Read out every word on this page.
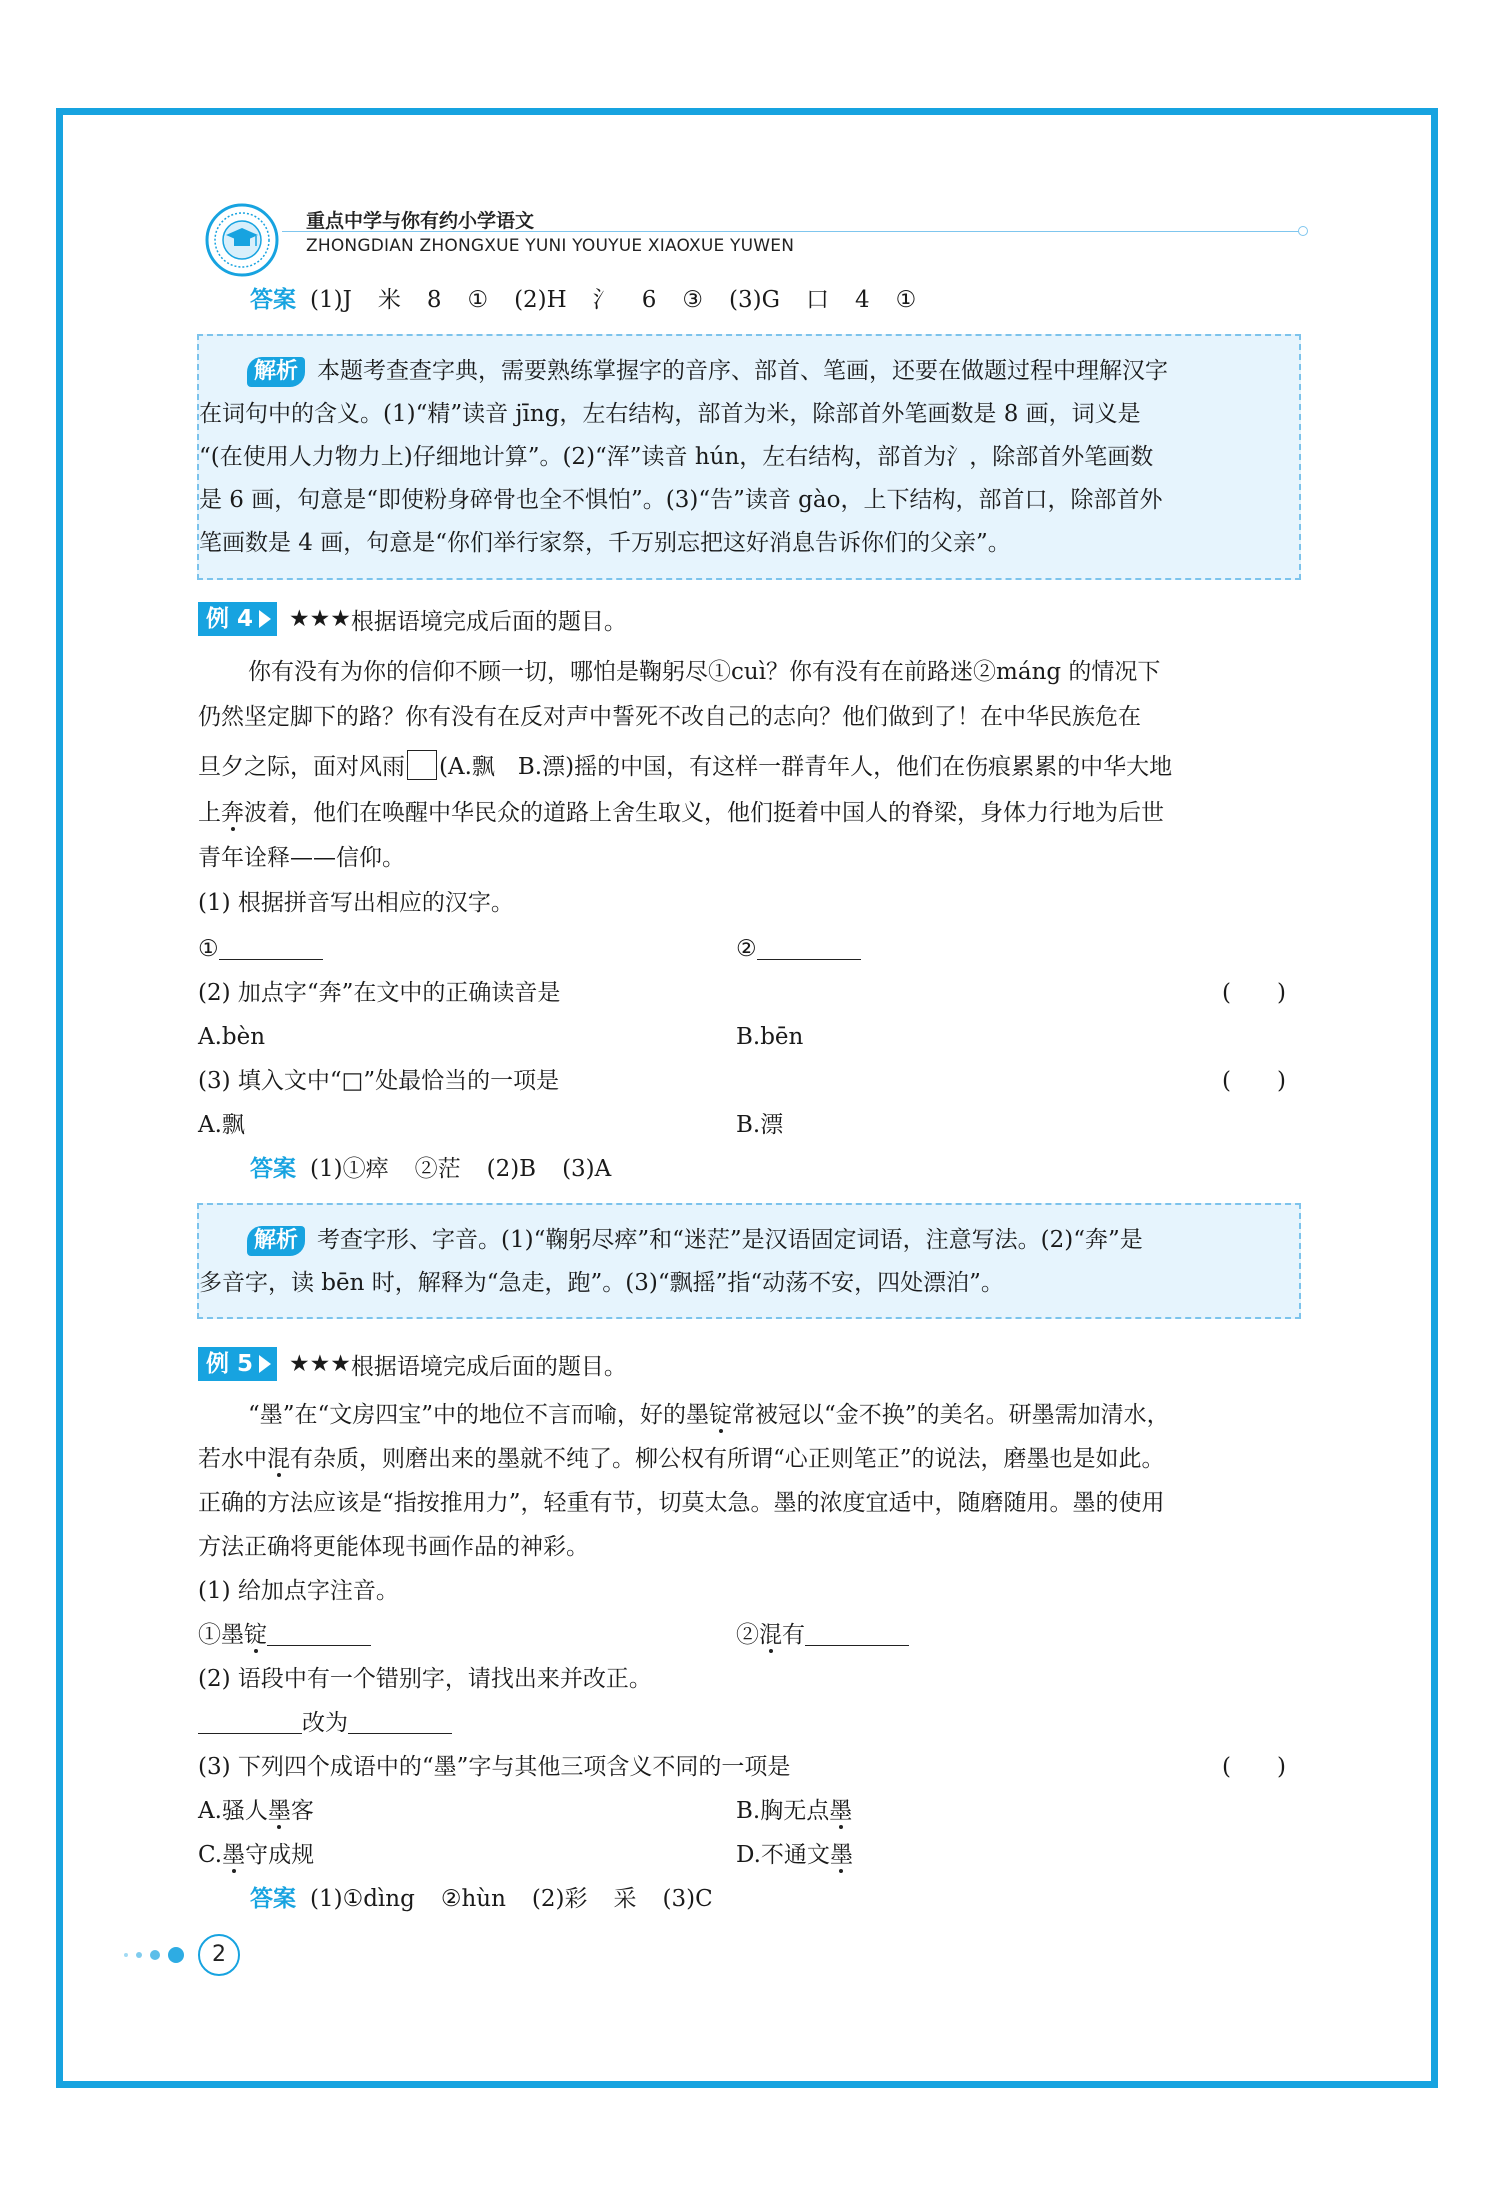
重点中学与你有约小学语文
ZHONGDIAN ZHONGXUE YUNI YOUYUE XIAOXUE YUWEN
答案 (1)J 米 8 ① (2)H 氵 6 ③ (3)G 口 4 ①

解析 本题考查查字典，需要熟练掌握字的音序、部首、笔画，还要在做题过程中理解汉字

在词句中的含义。(1)“精”读音 jīng，左右结构，部首为米，除部首外笔画数是 8 画，词义是

“(在使用人力物力上)仔细地计算”。(2)“浑”读音 hún，左右结构，部首为氵，除部首外笔画数

是 6 画，句意是“即使粉身碎骨也全不惧怕”。(3)“告”读音 gào，上下结构，部首口，除部首外

笔画数是 4 画，句意是“你们举行家祭，千万别忘把这好消息告诉你们的父亲”。

例 4 ★★★ 根据语境完成后面的题目。
你有没有为你的信仰不顾一切，哪怕是鞠躬尽①cuì？你有没有在前路迷②máng 的情况下
仍然坚定脚下的路？你有没有在反对声中誓死不改自己的志向？他们做到了！在中华民族危在
旦夕之际，面对风雨 (A.飘　B.漂)摇的中国，有这样一群青年人，他们在伤痕累累的中华大地
上奔波着，他们在唤醒中华民众的道路上舍生取义，他们挺着中国人的脊梁，身体力行地为后世
青年诠释——信仰。
(1) 根据拼音写出相应的汉字。
①	②
(2) 加点字“奔”在文中的正确读音是	(　　)
A.bèn	B.bēn
(3) 填入文中“□”处最恰当的一项是	(　　)
A.飘	B.漂
答案 (1)①瘁 ②茫 (2)B (3)A

解析 考查字形、字音。(1)“鞠躬尽瘁”和“迷茫”是汉语固定词语，注意写法。(2)“奔”是

多音字，读 bēn 时，解释为“急走，跑”。(3)“飘摇”指“动荡不安，四处漂泊”。

例 5 ★★★ 根据语境完成后面的题目。
“墨”在“文房四宝”中的地位不言而喻，好的墨锭常被冠以“金不换”的美名。研墨需加清水，
若水中混有杂质，则磨出来的墨就不纯了。柳公权有所谓“心正则笔正”的说法，磨墨也是如此。
正确的方法应该是“指按推用力”，轻重有节，切莫太急。墨的浓度宜适中，随磨随用。墨的使用
方法正确将更能体现书画作品的神彩。
(1) 给加点字注音。
①墨锭	②混有
(2) 语段中有一个错别字，请找出来并改正。
改为
(3) 下列四个成语中的“墨”字与其他三项含义不同的一项是	(　　)
A.骚人墨客	B.胸无点墨
C.墨守成规	D.不通文墨
答案 (1)①dìng ②hùn (2)彩 采 (3)C
2
